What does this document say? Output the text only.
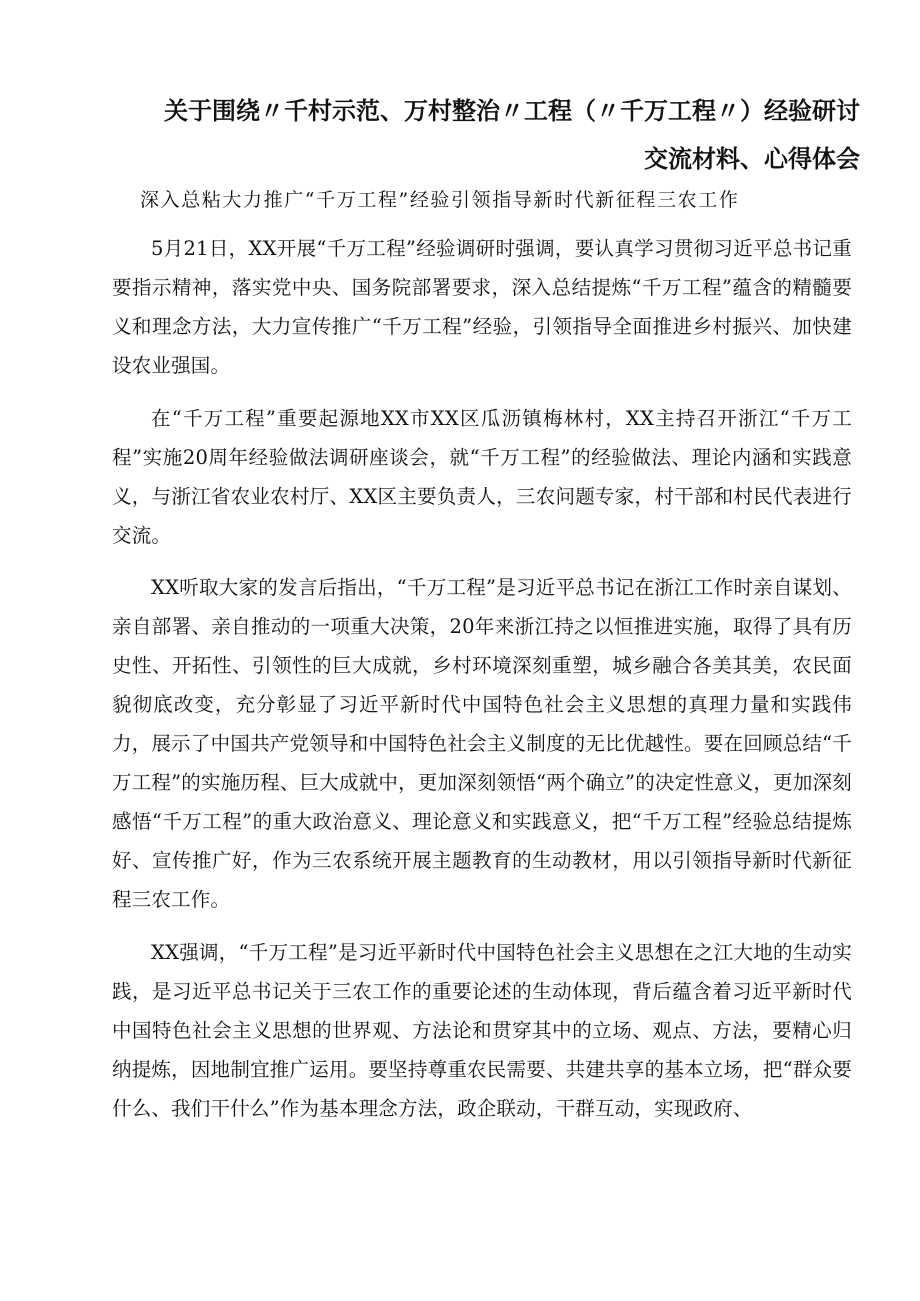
关于围绕〃千村示范、万村整治〃工程（〃千万工程〃）经验研讨
交流材料、心得体会

深入总粘大力推广“千万工程”经验引领指导新时代新征程三农工作

5月21日，XX开展“千万工程”经验调研时强调，要认真学习贯彻习近平总书记重要指示精神，落实党中央、国务院部署要求，深入总结提炼“千万工程”蕴含的精髓要义和理念方法，大力宣传推广“千万工程”经验，引领指导全面推进乡村振兴、加快建设农业强国。

在“千万工程”重要起源地XX市XX区瓜沥镇梅林村，XX主持召开浙江“千万工程”实施20周年经验做法调研座谈会，就“千万工程”的经验做法、理论内涵和实践意义，与浙江省农业农村厅、XX区主要负责人，三农问题专家，村干部和村民代表进行交流。

XX听取大家的发言后指出，“千万工程”是习近平总书记在浙江工作时亲自谋划、亲自部署、亲自推动的一项重大决策，20年来浙江持之以恒推进实施，取得了具有历史性、开拓性、引领性的巨大成就，乡村环境深刻重塑，城乡融合各美其美，农民面貌彻底改变，充分彰显了习近平新时代中国特色社会主义思想的真理力量和实践伟力，展示了中国共产党领导和中国特色社会主义制度的无比优越性。要在回顾总结“千万工程”的实施历程、巨大成就中，更加深刻领悟“两个确立”的决定性意义，更加深刻感悟“千万工程”的重大政治意义、理论意义和实践意义，把“千万工程”经验总结提炼好、宣传推广好，作为三农系统开展主题教育的生动教材，用以引领指导新时代新征程三农工作。

XX强调，“千万工程”是习近平新时代中国特色社会主义思想在之江大地的生动实践，是习近平总书记关于三农工作的重要论述的生动体现，背后蕴含着习近平新时代中国特色社会主义思想的世界观、方法论和贯穿其中的立场、观点、方法，要精心归纳提炼，因地制宜推广运用。要坚持尊重农民需要、共建共享的基本立场，把“群众要什么、我们干什么”作为基本理念方法，政企联动，干群互动，实现政府、
